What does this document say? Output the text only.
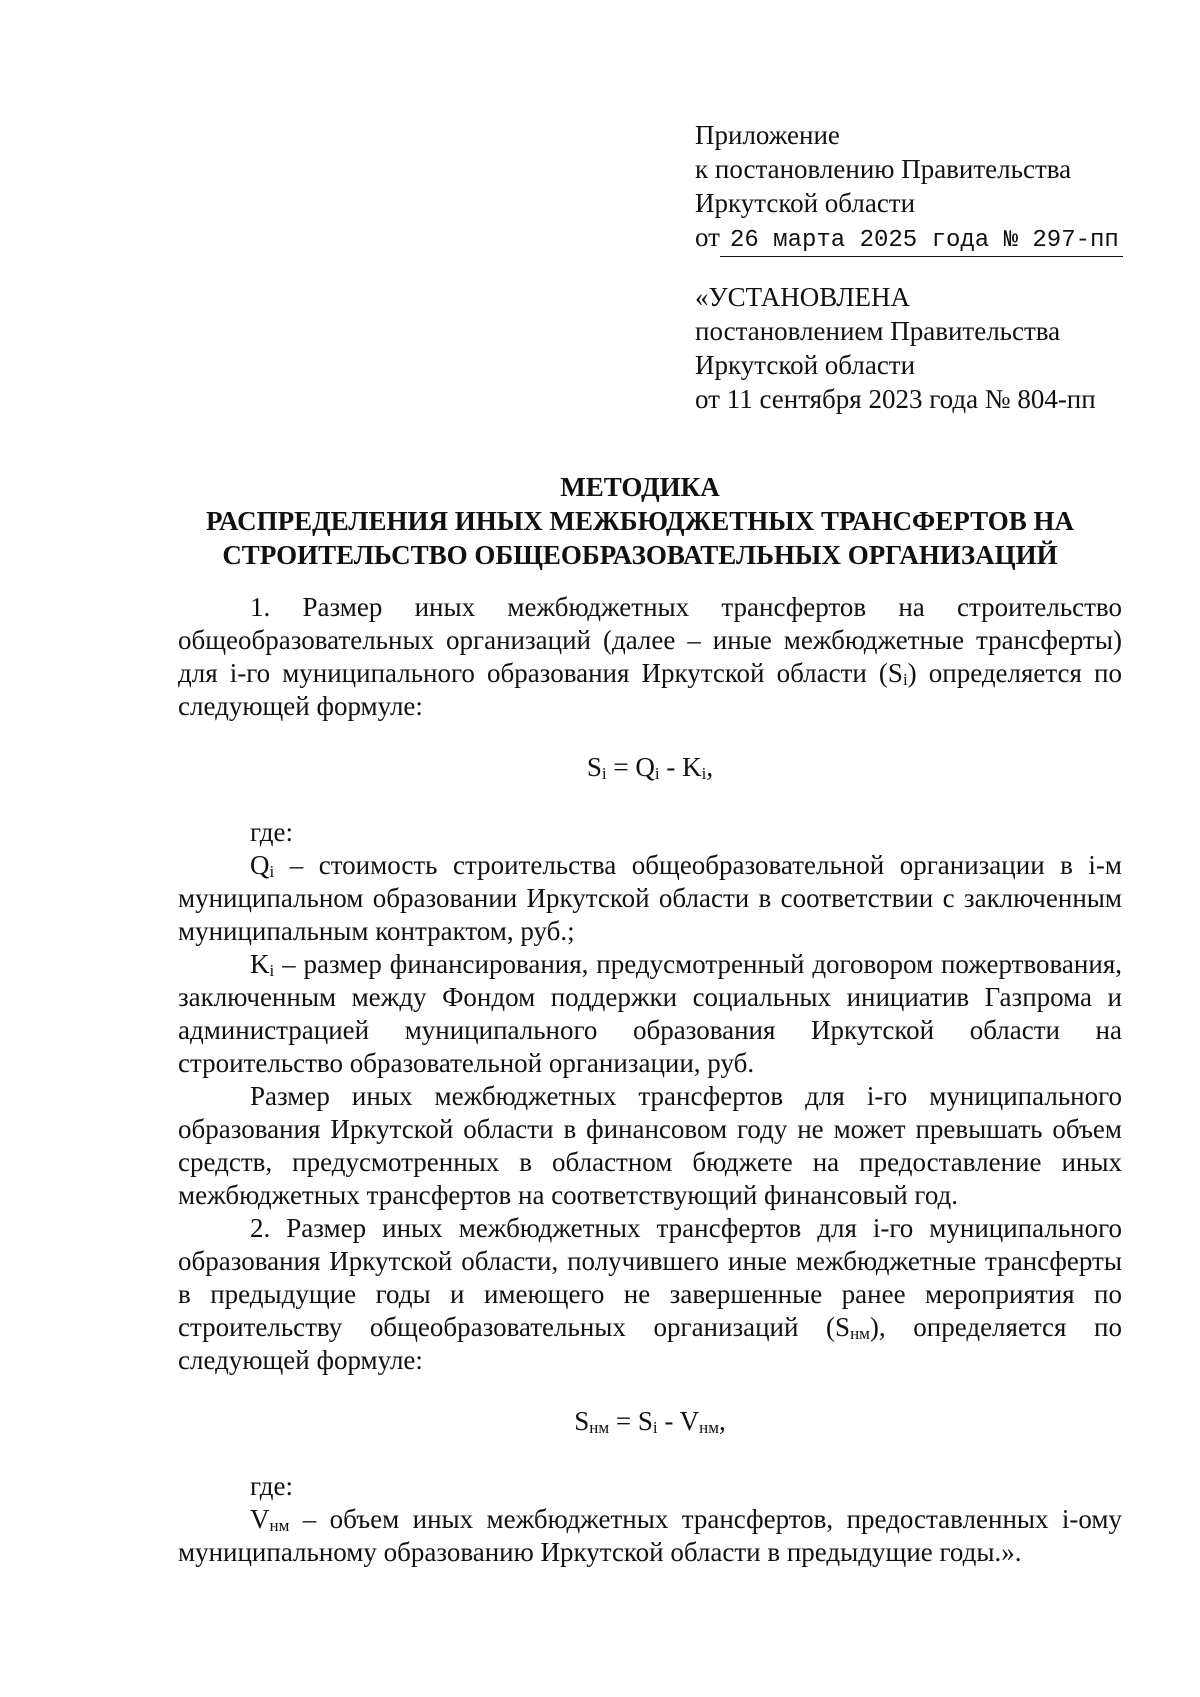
Приложение
к постановлению Правительства
Иркутской области
от 26 марта 2025 года № 297-пп
«УСТАНОВЛЕНА
постановлением Правительства
Иркутской области
от 11 сентября 2023 года № 804-пп
МЕТОДИКА
РАСПРЕДЕЛЕНИЯ ИНЫХ МЕЖБЮДЖЕТНЫХ ТРАНСФЕРТОВ НА
СТРОИТЕЛЬСТВО ОБЩЕОБРАЗОВАТЕЛЬНЫХ ОРГАНИЗАЦИЙ

1. Размер иных межбюджетных трансфертов на строительство общеобразовательных организаций (далее – иные межбюджетные трансферты) для i-го муниципального образования Иркутской области $(S_i)$ определяется по следующей формуле:

$S_i = Q_i - K_i$,

где:

$Q_i$ – стоимость строительства общеобразовательной организации в i-м муниципальном образовании Иркутской области в соответствии с заключенным муниципальным контрактом, руб.;

$K_i$ – размер финансирования, предусмотренный договором пожертвования, заключенным между Фондом поддержки социальных инициатив Газпрома и администрацией муниципального образования Иркутской области на строительство образовательной организации, руб.

Размер иных межбюджетных трансфертов для i-го муниципального образования Иркутской области в финансовом году не может превышать объем средств, предусмотренных в областном бюджете на предоставление иных межбюджетных трансфертов на соответствующий финансовый год.

2. Размер иных межбюджетных трансфертов для i-го муниципального образования Иркутской области, получившего иные межбюджетные трансферты в предыдущие годы и имеющего не завершенные ранее мероприятия по строительству общеобразовательных организаций $(S_{нм})$, определяется по следующей формуле:

$S_{нм} = S_i - V_{нм}$,

где:

$V_{нм}$ – объем иных межбюджетных трансфертов, предоставленных i-ому муниципальному образованию Иркутской области в предыдущие годы.».
